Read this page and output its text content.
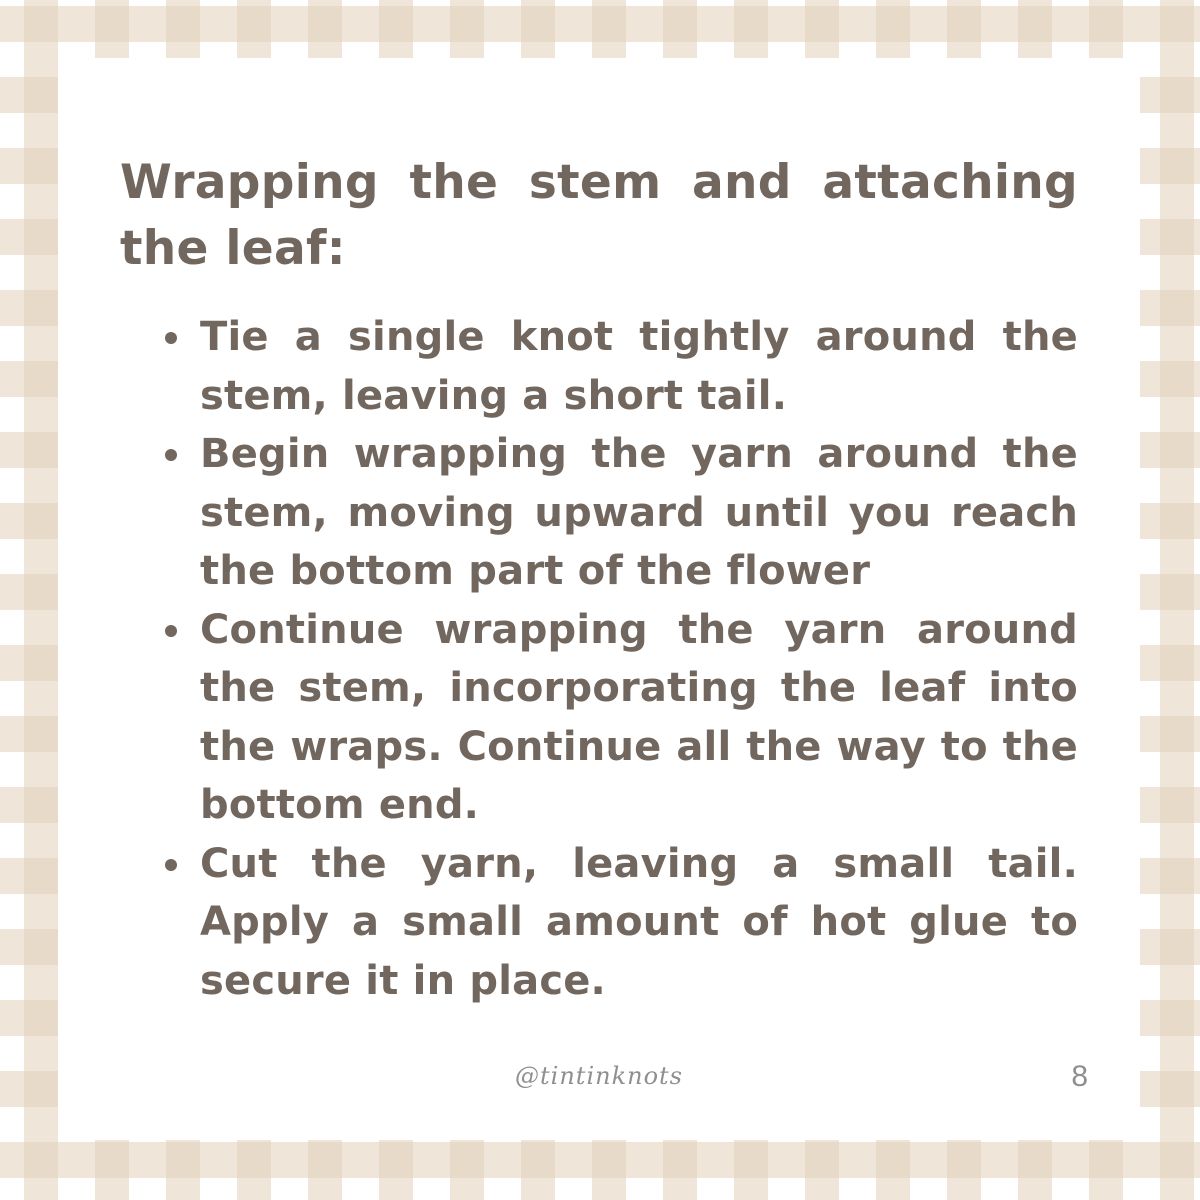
Wrapping the stem and attaching the leaf:
Tie a single knot tightly around the stem, leaving a short tail.
Begin wrapping the yarn around the stem, moving upward until you reach the bottom part of the flower
Continue wrapping the yarn around the stem, incorporating the leaf into the wraps. Continue all the way to the bottom end.
Cut the yarn, leaving a small tail. Apply a small amount of hot glue to secure it in place.
@tintinknots	8
